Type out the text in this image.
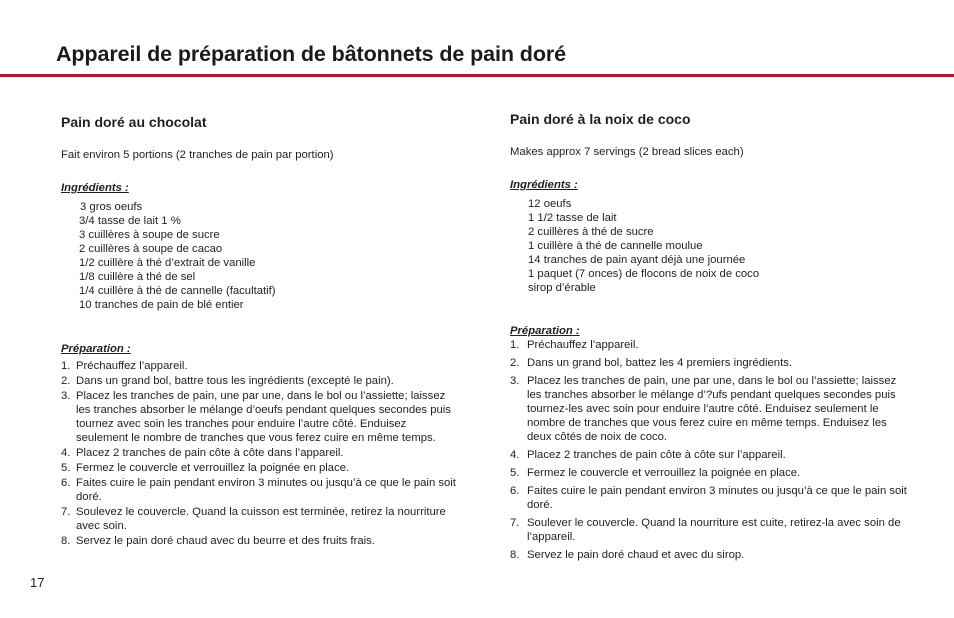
Appareil de préparation de bâtonnets de pain doré
Pain doré au chocolat

Fait environ 5 portions (2 tranches de pain par portion)

Ingrédients :
3 gros oeufs
3/4 tasse de lait 1 %
3 cuillères à soupe de sucre
2 cuillères à soupe de cacao
1/2 cuillère à thé d’extrait de vanille
1/8 cuillère à thé de sel
1/4 cuillère à thé de cannelle (facultatif)
10 tranches de pain de blé entier
Préparation :
1. Préchauffez l’appareil.
2. Dans un grand bol, battre tous les ingrédients (excepté le pain).
3. Placez les tranches de pain, une par une, dans le bol ou l’assiette; laissez les tranches absorber le mélange d’oeufs pendant quelques secondes puis tournez avec soin les tranches pour enduire l’autre côté. Enduisez seulement le nombre de tranches que vous ferez cuire en même temps.
4. Placez 2 tranches de pain côte à côte dans l’appareil.
5. Fermez le couvercle et verrouillez la poignée en place.
6. Faites cuire le pain pendant environ 3 minutes ou jusqu’à ce que le pain soit doré.
7. Soulevez le couvercle. Quand la cuisson est terminée, retirez la nourriture avec soin.
8. Servez le pain doré chaud avec du beurre et des fruits frais.
Pain doré à la noix de coco

Makes approx 7 servings (2 bread slices each)

Ingrédients :
12 oeufs
1 1/2 tasse de lait
2 cuillères à thé de sucre
1 cuillère à thé de cannelle moulue
14 tranches de pain ayant déjà une journée
1 paquet (7 onces) de flocons de noix de coco
sirop d’érable
Préparation :
1. Préchauffez l’appareil.
2. Dans un grand bol, battez les 4 premiers ingrédients.
3. Placez les tranches de pain, une par une, dans le bol ou l’assiette; laissez les tranches absorber le mélange d’?ufs pendant quelques secondes puis tournez-les avec soin pour enduire l’autre côté. Enduisez seulement le nombre de tranches que vous ferez cuire en même temps. Enduisez les deux côtés de noix de coco.
4. Placez 2 tranches de pain côte à côte sur l’appareil.
5. Fermez le couvercle et verrouillez la poignée en place.
6. Faites cuire le pain pendant environ 3 minutes ou jusqu’à ce que le pain soit doré.
7. Soulever le couvercle. Quand la nourriture est cuite, retirez-la avec soin de l’appareil.
8. Servez le pain doré chaud et avec du sirop.
17
